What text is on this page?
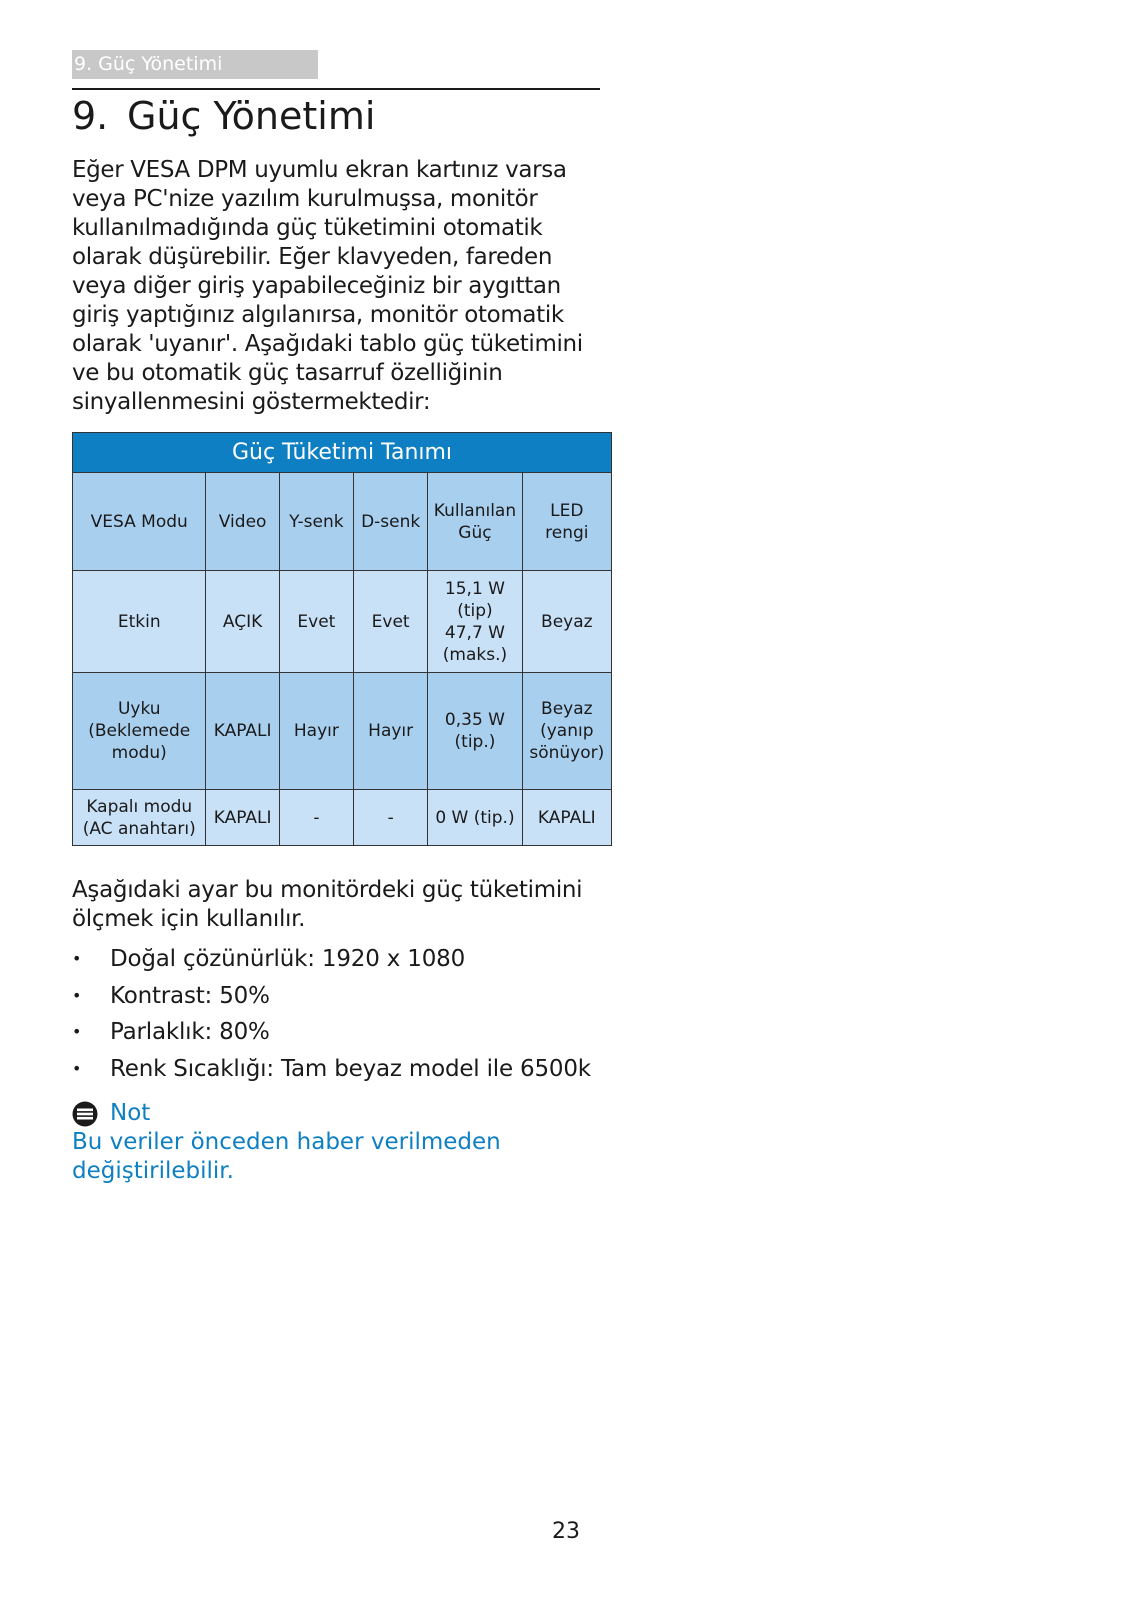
9. Güç Yönetimi
9. Güç Yönetimi
Eğer VESA DPM uyumlu ekran kartınız varsa
veya PC'nize yazılım kurulmuşsa, monitör
kullanılmadığında güç tüketimini otomatik
olarak düşürebilir. Eğer klavyeden, fareden
veya diğer giriş yapabileceğiniz bir aygıttan
giriş yaptığınız algılanırsa, monitör otomatik
olarak 'uyanır'. Aşağıdaki tablo güç tüketimini
ve bu otomatik güç tasarruf özelliğinin
sinyallenmesini göstermektedir:
Güç Tüketimi Tanımı					
VESA Modu	Video	Y-senk	D-senk	Kullanılan
Güç	LED
rengi

Etkin	AÇIK	Evet	Evet	15,1 W
(tip)
47,7 W
(maks.)	Beyaz

Uyku
(Beklemede
modu)	KAPALI	Hayır	Hayır	0,35 W
(tip.)	Beyaz
(yanıp
sönüyor)

Kapalı modu
(AC anahtarı)	KAPALI	-	-	0 W (tip.)	KAPALI
Aşağıdaki ayar bu monitördeki güç tüketimini
ölçmek için kullanılır.
• Doğal çözünürlük: 1920 x 1080
• Kontrast: 50%
• Parlaklık: 80%
• Renk Sıcaklığı: Tam beyaz model ile 6500k
Not
Bu veriler önceden haber verilmeden
değiştirilebilir.
23
